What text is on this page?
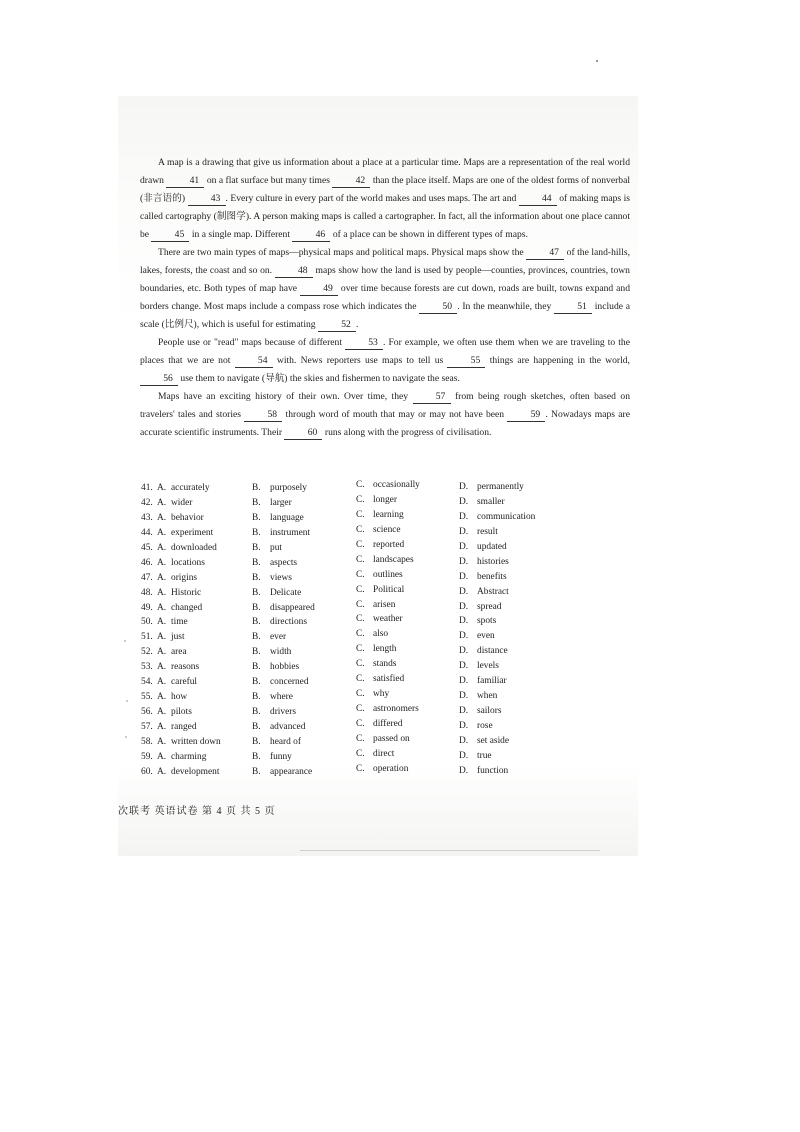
A map is a drawing that give us information about a place at a particular time. Maps are a representation of the real world drawn	41 on a flat surface but many times	42 than the place itself. Maps are one of the oldest forms of nonverbal (非言语的)	43 . Every culture in every part of the world makes and uses maps. The art and	44 of making maps is called cartography (制图学). A person making maps is called a cartographer. In fact, all the information about one place cannot be	45 in a single map. Different	46 of a place can be shown in different types of maps.

There are two main types of maps—physical maps and political maps. Physical maps show the	47 of the land-hills, lakes, forests, the coast and so on.	48 maps show how the land is used by people—counties, provinces, countries, town boundaries, etc. Both types of map have	49 over time because forests are cut down, roads are built, towns expand and borders change. Most maps include a compass rose which indicates the	50 . In the meanwhile, they	51 include a scale (比例尺), which is useful for estimating	52 .

People use or "read" maps because of different	53 . For example, we often use them when we are traveling to the places that we are not	54 with. News reporters use maps to tell us	55 things are happening in the world, 56 use them to navigate (导航) the skies and fishermen to navigate the seas.

Maps have an exciting history of their own. Over time, they	57 from being rough sketches, often based on travelers' tales and stories	58 through word of mouth that may or may not have been	59 . Nowadays maps are accurate scientific instruments. Their	60 runs along with the progress of civilisation.

41. A. accurately	B. purposely	C. occasionally	D. permanently
42. A. wider	B. larger	C. longer	D. smaller
43. A. behavior	B. language	C. learning	D. communication
44. A. experiment	B. instrument	C. science	D. result
45. A. downloaded	B. put	C. reported	D. updated
46. A. locations	B. aspects	C. landscapes	D. histories
47. A. origins	B. views	C. outlines	D. benefits
48. A. Historic	B. Delicate	C. Political	D. Abstract
49. A. changed	B. disappeared	C. arisen	D. spread
50. A. time	B. directions	C. weather	D. spots
51. A. just	B. ever	C. also	D. even
52. A. area	B. width	C. length	D. distance
53. A. reasons	B. hobbies	C. stands	D. levels
54. A. careful	B. concerned	C. satisfied	D. familiar
55. A. how	B. where	C. why	D. when
56. A. pilots	B. drivers	C. astronomers	D. sailors
57. A. ranged	B. advanced	C. differed	D. rose
58. A. written down	B. heard of	C. passed on	D. set aside
59. A. charming	B. funny	C. direct	D. true
60. A. development	B. appearance	C. operation	D. function
次联考 英语试卷 第 4 页 共 5 页
